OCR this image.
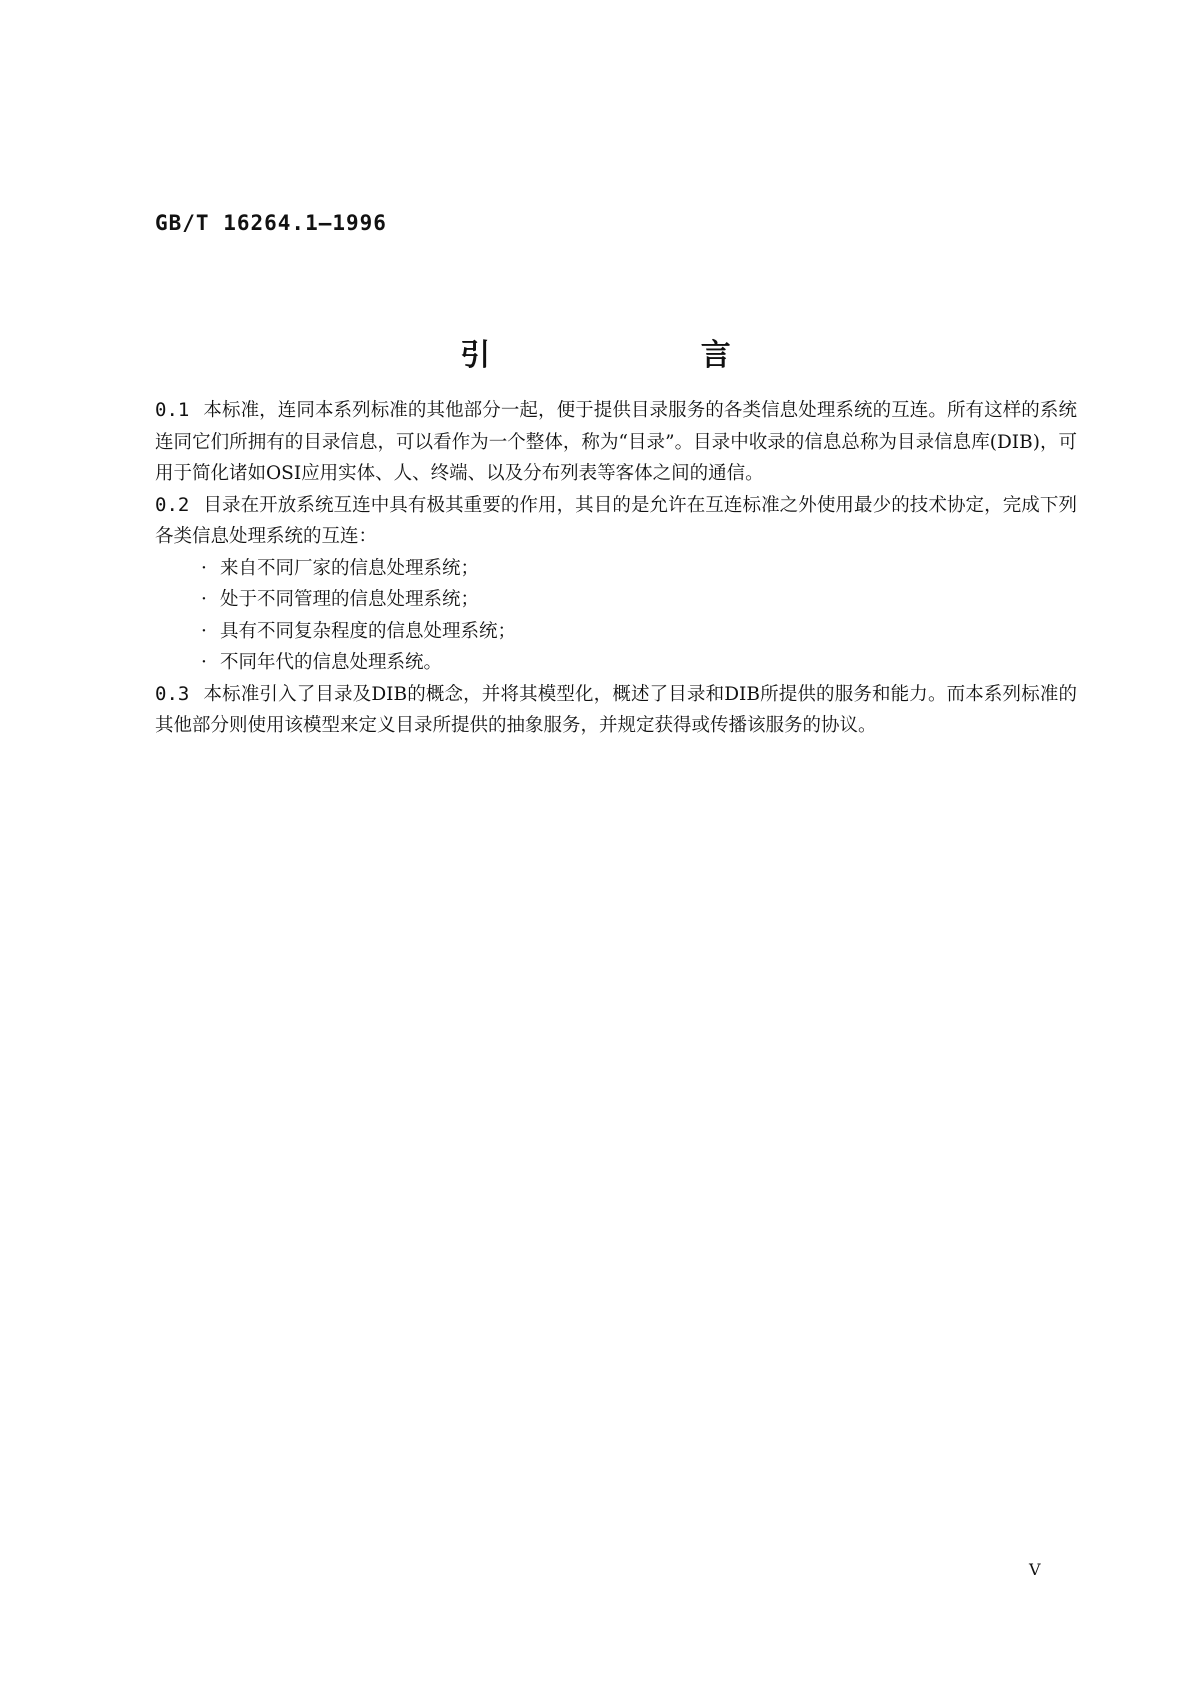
GB/T 16264.1—1996
引 言

0.1 本标准，连同本系列标准的其他部分一起，便于提供目录服务的各类信息处理系统的互连。所有这样的系统连同它们所拥有的目录信息，可以看作为一个整体，称为“目录”。目录中收录的信息总称为目录信息库(DIB)，可用于简化诸如OSI应用实体、人、终端、以及分布列表等客体之间的通信。

0.2 目录在开放系统互连中具有极其重要的作用，其目的是允许在互连标准之外使用最少的技术协定，完成下列各类信息处理系统的互连：

· 来自不同厂家的信息处理系统；
· 处于不同管理的信息处理系统；
· 具有不同复杂程度的信息处理系统；
· 不同年代的信息处理系统。

0.3 本标准引入了目录及DIB的概念，并将其模型化，概述了目录和DIB所提供的服务和能力。而本系列标准的其他部分则使用该模型来定义目录所提供的抽象服务，并规定获得或传播该服务的协议。

V
